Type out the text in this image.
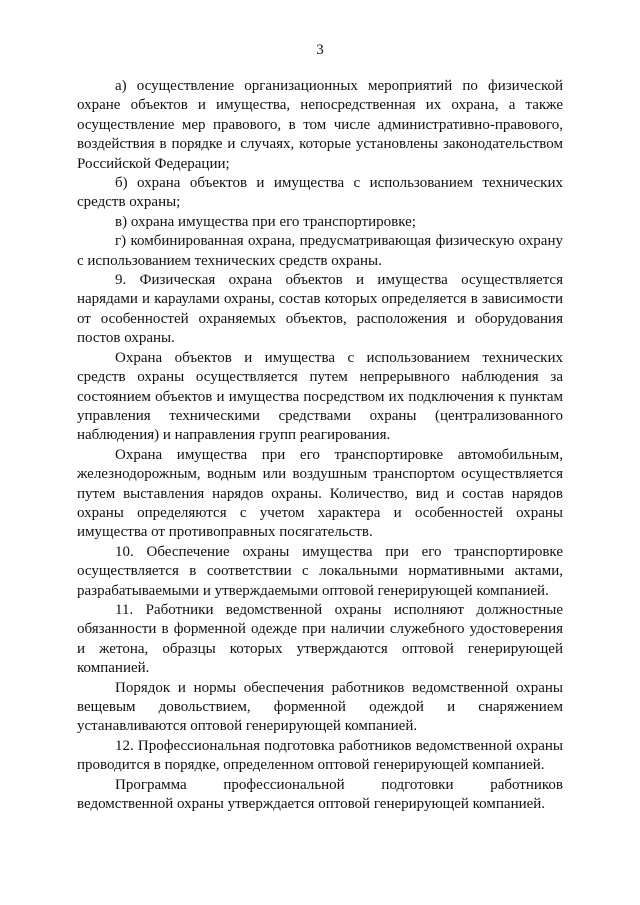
3

а) осуществление организационных мероприятий по физической охране объектов и имущества, непосредственная их охрана, а также осуществление мер правового, в том числе административно-правового, воздействия в порядке и случаях, которые установлены законодательством Российской Федерации;

б) охрана объектов и имущества с использованием технических средств охраны;

в) охрана имущества при его транспортировке;

г) комбинированная охрана, предусматривающая физическую охрану с использованием технических средств охраны.

9. Физическая охрана объектов и имущества осуществляется нарядами и караулами охраны, состав которых определяется в зависимости от особенностей охраняемых объектов, расположения и оборудования постов охраны.

Охрана объектов и имущества с использованием технических средств охраны осуществляется путем непрерывного наблюдения за состоянием объектов и имущества посредством их подключения к пунктам управления техническими средствами охраны (централизованного наблюдения) и направления групп реагирования.

Охрана имущества при его транспортировке автомобильным, железнодорожным, водным или воздушным транспортом осуществляется путем выставления нарядов охраны. Количество, вид и состав нарядов охраны определяются с учетом характера и особенностей охраны имущества от противоправных посягательств.

10. Обеспечение охраны имущества при его транспортировке осуществляется в соответствии с локальными нормативными актами, разрабатываемыми и утверждаемыми оптовой генерирующей компанией.

11. Работники ведомственной охраны исполняют должностные обязанности в форменной одежде при наличии служебного удостоверения и жетона, образцы которых утверждаются оптовой генерирующей компанией.

Порядок и нормы обеспечения работников ведомственной охраны вещевым довольствием, форменной одеждой и снаряжением устанавливаются оптовой генерирующей компанией.

12. Профессиональная подготовка работников ведомственной охраны проводится в порядке, определенном оптовой генерирующей компанией.

Программа профессиональной подготовки работников ведомственной охраны утверждается оптовой генерирующей компанией.
